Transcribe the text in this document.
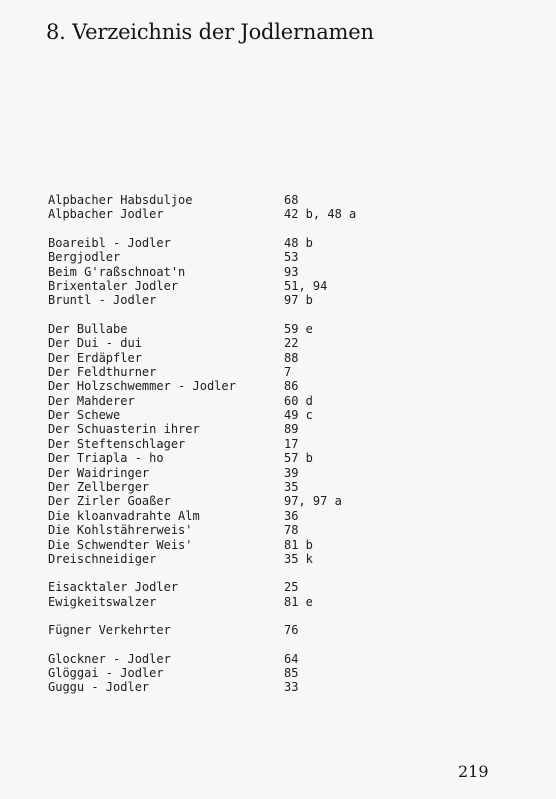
8. Verzeichnis der Jodlernamen
Alpbacher Habsduljoe	68
Alpbacher Jodler	42 b, 48 a
Boareibl - Jodler	48 b
Bergjodler	53
Beim G'raßschnoat'n	93
Brixentaler Jodler	51, 94
Bruntl - Jodler	97 b
Der Bullabe	59 e
Der Dui - dui	22
Der Erdäpfler	88
Der Feldthurner	7
Der Holzschwemmer - Jodler	86
Der Mahderer	60 d
Der Schewe	49 c
Der Schuasterin ihrer	89
Der Steftenschlager	17
Der Triapla - ho	57 b
Der Waidringer	39
Der Zellberger	35
Der Zirler Goaßer	97, 97 a
Die kloanvadrahte Alm	36
Die Kohlstährerweis'	78
Die Schwendter Weis'	81 b
Dreischneidiger	35 k
Eisacktaler Jodler	25
Ewigkeitswalzer	81 e
Fügner Verkehrter	76
Glockner - Jodler	64
Glöggai - Jodler	85
Guggu - Jodler	33
219
